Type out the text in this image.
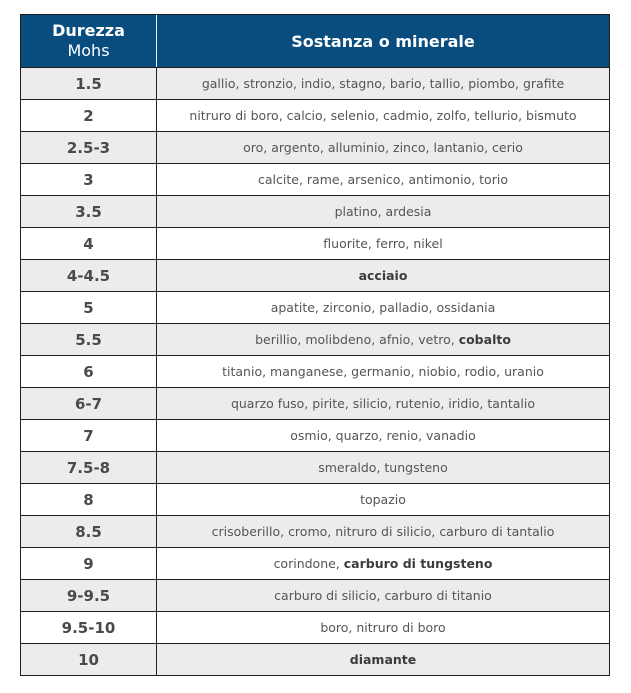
Durezza
Mohs	Sostanza o minerale
1.5	gallio, stronzio, indio, stagno, bario, tallio, piombo, grafite
2	nitruro di boro, calcio, selenio, cadmio, zolfo, tellurio, bismuto
2.5-3	oro, argento, alluminio, zinco, lantanio, cerio
3	calcite, rame, arsenico, antimonio, torio
3.5	platino, ardesia
4	fluorite, ferro, nikel
4-4.5	acciaio
5	apatite, zirconio, palladio, ossidania
5.5	berillio, molibdeno, afnio, vetro, cobalto
6	titanio, manganese, germanio, niobio, rodio, uranio
6-7	quarzo fuso, pirite, silicio, rutenio, iridio, tantalio
7	osmio, quarzo, renio, vanadio
7.5-8	smeraldo, tungsteno
8	topazio
8.5	crisoberillo, cromo, nitruro di silicio, carburo di tantalio
9	corindone, carburo di tungsteno
9-9.5	carburo di silicio, carburo di titanio
9.5-10	boro, nitruro di boro
10	diamante
